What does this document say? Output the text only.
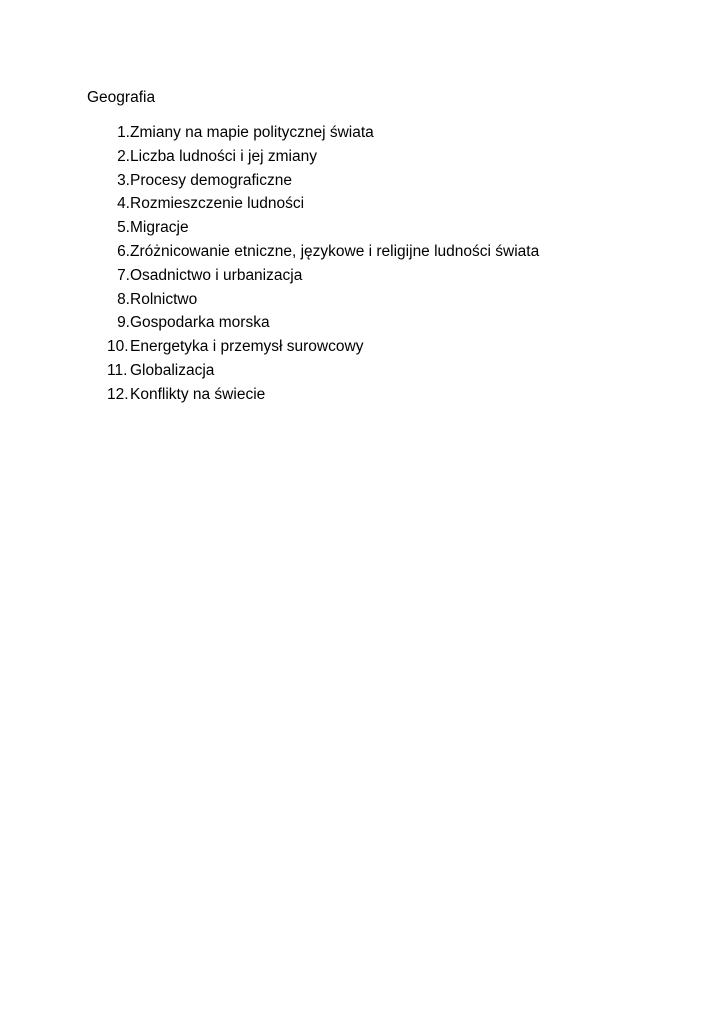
Geografia
1. Zmiany na mapie politycznej świata
2. Liczba ludności i jej zmiany
3. Procesy demograficzne
4. Rozmieszczenie ludności
5. Migracje
6. Zróżnicowanie etniczne, językowe i religijne ludności świata
7. Osadnictwo i urbanizacja
8. Rolnictwo
9. Gospodarka morska
10. Energetyka i przemysł surowcowy
11. Globalizacja
12. Konflikty na świecie
